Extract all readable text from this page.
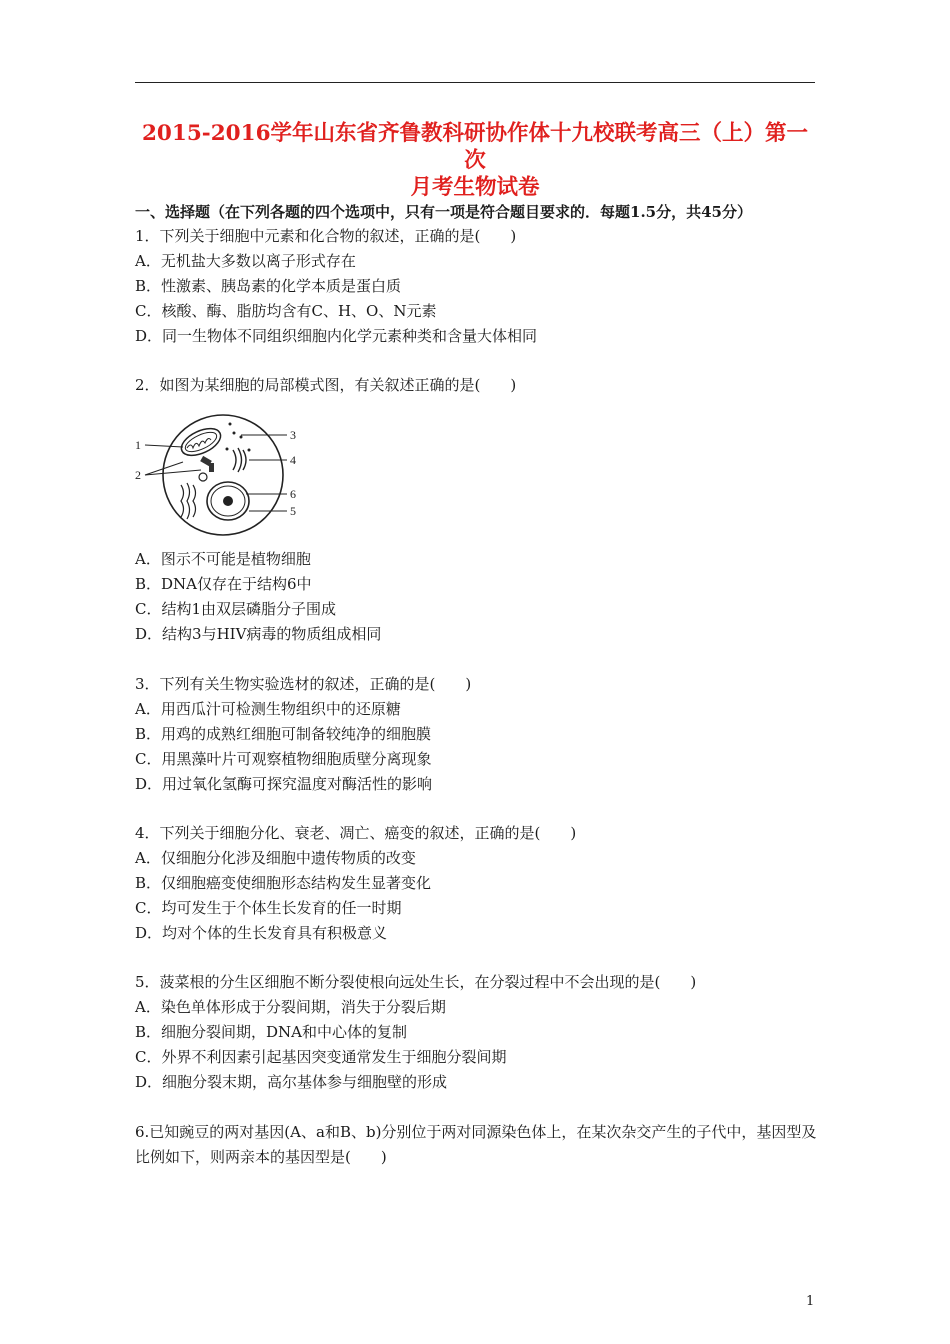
2015-2016学年山东省齐鲁教科研协作体十九校联考高三（上）第一次
月考生物试卷
一、选择题（在下列各题的四个选项中，只有一项是符合题目要求的．每题1.5分，共45分）
1．下列关于细胞中元素和化合物的叙述，正确的是(　　)
A．无机盐大多数以离子形式存在
B．性激素、胰岛素的化学本质是蛋白质
C．核酸、酶、脂肪均含有C、H、O、N元素
D．同一生物体不同组织细胞内化学元素种类和含量大体相同
2．如图为某细胞的局部模式图，有关叙述正确的是(　　)
1
2
3
4
5
6
A．图示不可能是植物细胞
B．DNA仅存在于结构6中
C．结构1由双层磷脂分子围成
D．结构3与HIV病毒的物质组成相同
3．下列有关生物实验选材的叙述，正确的是(　　)
A．用西瓜汁可检测生物组织中的还原糖
B．用鸡的成熟红细胞可制备较纯净的细胞膜
C．用黑藻叶片可观察植物细胞质壁分离现象
D．用过氧化氢酶可探究温度对酶活性的影响
4．下列关于细胞分化、衰老、凋亡、癌变的叙述，正确的是(　　)
A．仅细胞分化涉及细胞中遗传物质的改变
B．仅细胞癌变使细胞形态结构发生显著变化
C．均可发生于个体生长发育的任一时期
D．均对个体的生长发育具有积极意义
5．菠菜根的分生区细胞不断分裂使根向远处生长，在分裂过程中不会出现的是(　　)
A．染色单体形成于分裂间期，消失于分裂后期
B．细胞分裂间期，DNA和中心体的复制
C．外界不利因素引起基因突变通常发生于细胞分裂间期
D．细胞分裂末期，高尔基体参与细胞壁的形成
6.已知豌豆的两对基因(A、a和B、b)分别位于两对同源染色体上，在某次杂交产生的子代中，基因型及比例如下，则两亲本的基因型是(　　)
1
